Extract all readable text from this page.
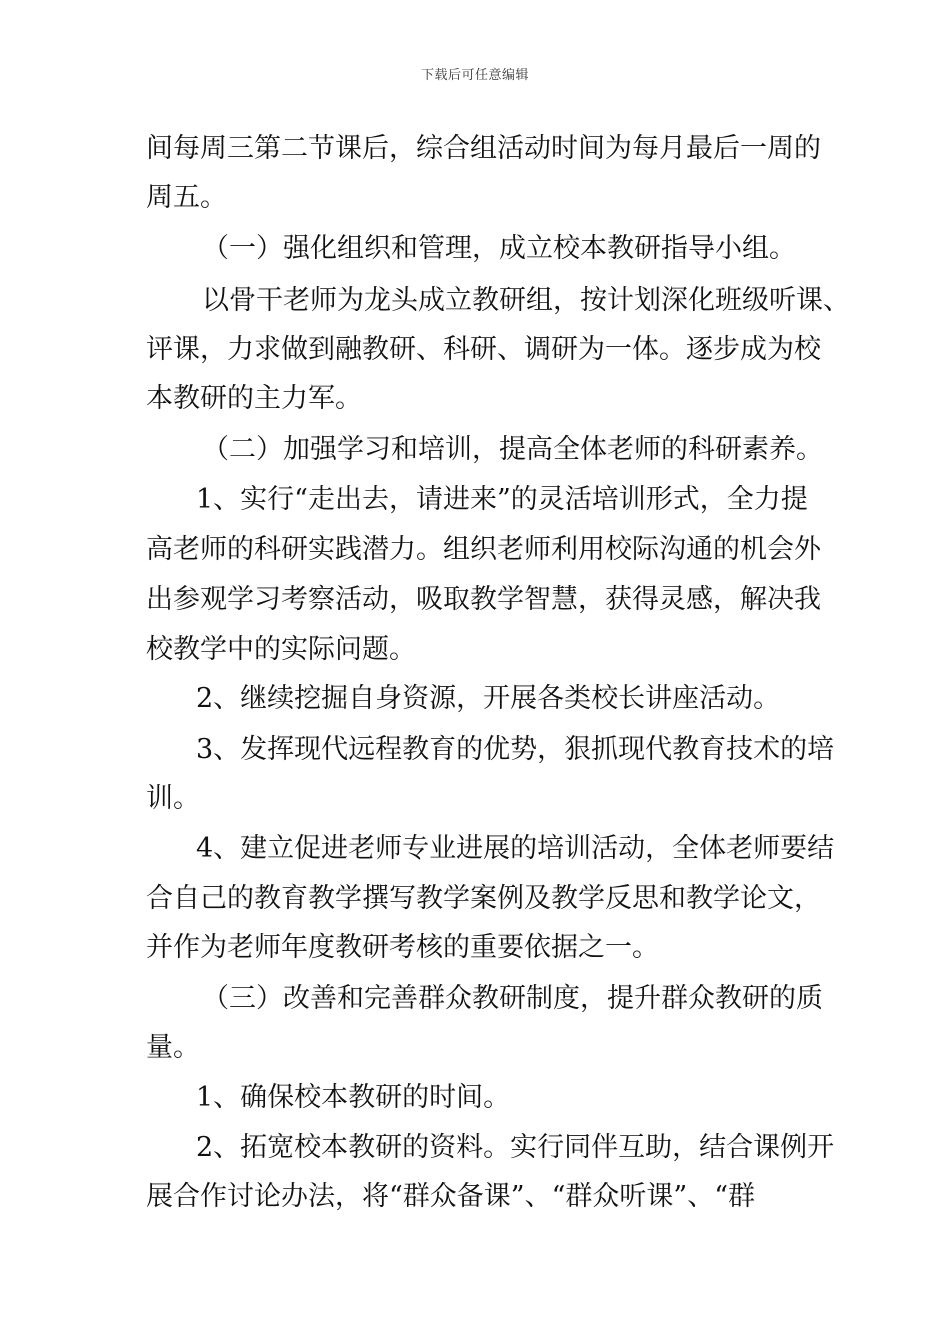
下载后可任意编辑
间每周三第二节课后，综合组活动时间为每月最后一周的
周五。
（一）强化组织和管理，成立校本教研指导小组。
以骨干老师为龙头成立教研组，按计划深化班级听课、
评课，力求做到融教研、科研、调研为一体。逐步成为校
本教研的主力军。
（二）加强学习和培训，提高全体老师的科研素养。
1、实行“走出去，请进来”的灵活培训形式，全力提
高老师的科研实践潜力。组织老师利用校际沟通的机会外
出参观学习考察活动，吸取教学智慧，获得灵感，解决我
校教学中的实际问题。
2、继续挖掘自身资源，开展各类校长讲座活动。
3、发挥现代远程教育的优势，狠抓现代教育技术的培
训。
4、建立促进老师专业进展的培训活动，全体老师要结
合自己的教育教学撰写教学案例及教学反思和教学论文，
并作为老师年度教研考核的重要依据之一。
（三）改善和完善群众教研制度，提升群众教研的质
量。
1、确保校本教研的时间。
2、拓宽校本教研的资料。实行同伴互助，结合课例开
展合作讨论办法，将“群众备课”、“群众听课”、“群
